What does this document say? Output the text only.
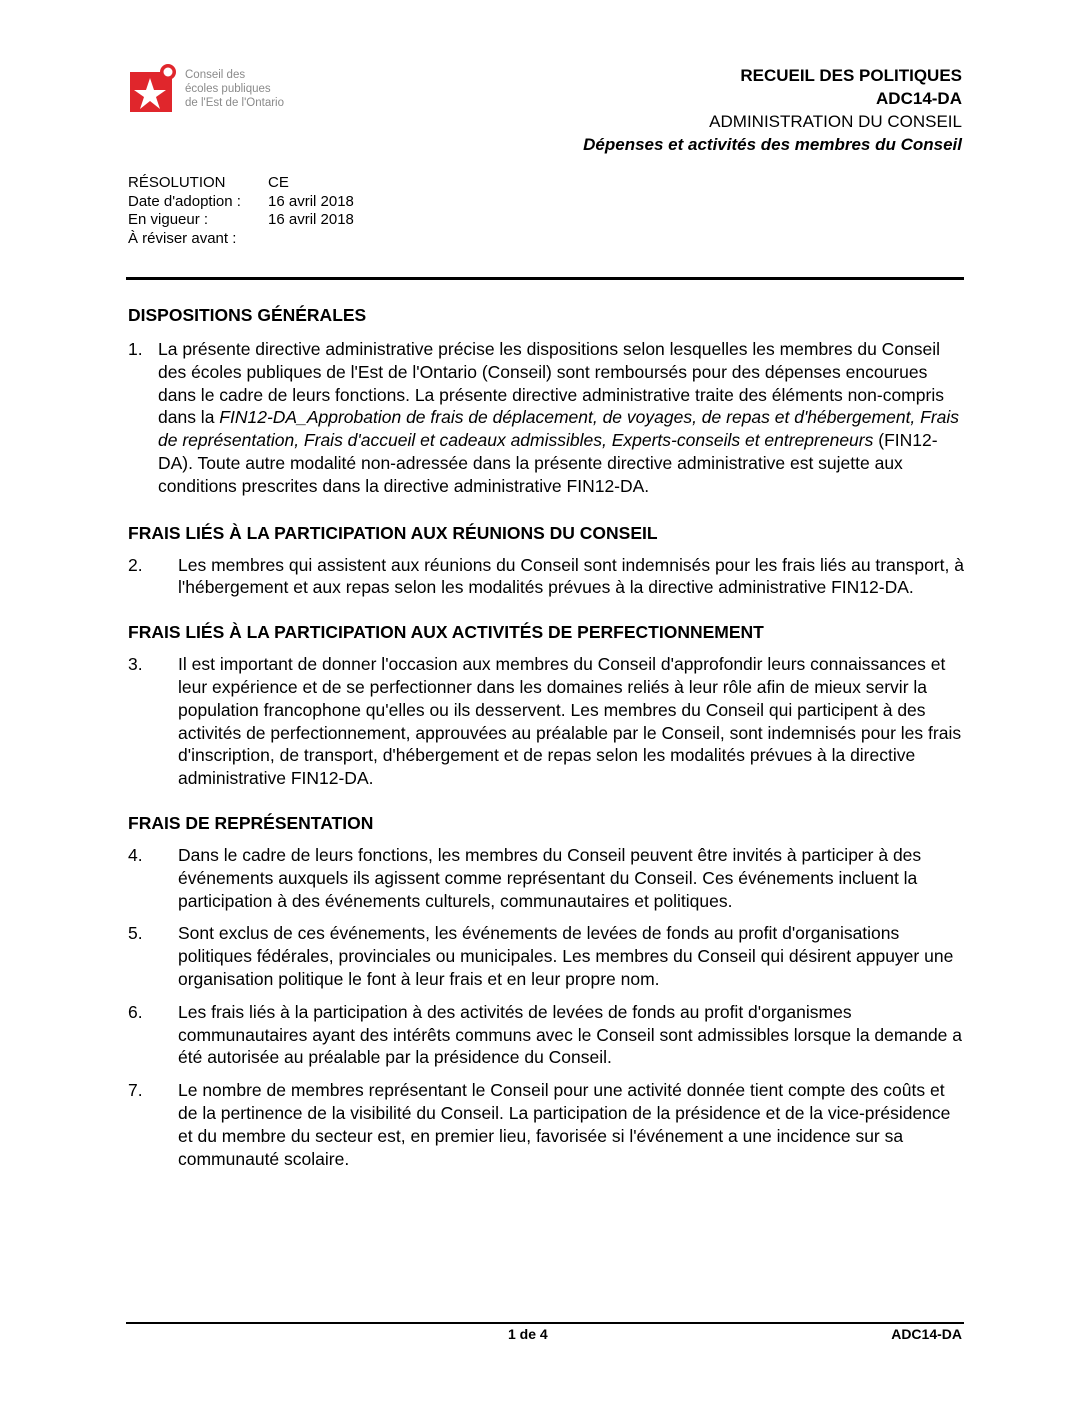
Conseil des
écoles publiques
de l'Est de l'Ontario
RECUEIL DES POLITIQUES
ADC14-DA
ADMINISTRATION DU CONSEIL
Dépenses et activités des membres du Conseil
RÉSOLUTION	CE
Date d'adoption :	16 avril 2018
En vigueur :	16 avril 2018
À réviser avant :
DISPOSITIONS GÉNÉRALES
1. La présente directive administrative précise les dispositions selon lesquelles les membres du Conseil des écoles publiques de l'Est de l'Ontario (Conseil) sont remboursés pour des dépenses encourues dans le cadre de leurs fonctions. La présente directive administrative traite des éléments non-compris dans la FIN12-DA_Approbation de frais de déplacement, de voyages, de repas et d'hébergement, Frais de représentation, Frais d'accueil et cadeaux admissibles, Experts-conseils et entrepreneurs (FIN12-DA). Toute autre modalité non-adressée dans la présente directive administrative est sujette aux conditions prescrites dans la directive administrative FIN12-DA.
FRAIS LIÉS À LA PARTICIPATION AUX RÉUNIONS DU CONSEIL
2.	Les membres qui assistent aux réunions du Conseil sont indemnisés pour les frais liés au transport, à l'hébergement et aux repas selon les modalités prévues à la directive administrative FIN12-DA.
FRAIS LIÉS À LA PARTICIPATION AUX ACTIVITÉS DE PERFECTIONNEMENT
3.	Il est important de donner l'occasion aux membres du Conseil d'approfondir leurs connaissances et leur expérience et de se perfectionner dans les domaines reliés à leur rôle afin de mieux servir la population francophone qu'elles ou ils desservent. Les membres du Conseil qui participent à des activités de perfectionnement, approuvées au préalable par le Conseil, sont indemnisés pour les frais d'inscription, de transport, d'hébergement et de repas selon les modalités prévues à la directive administrative FIN12-DA.
FRAIS DE REPRÉSENTATION
4.	Dans le cadre de leurs fonctions, les membres du Conseil peuvent être invités à participer à des événements auxquels ils agissent comme représentant du Conseil. Ces événements incluent la participation à des événements culturels, communautaires et politiques.
5.	Sont exclus de ces événements, les événements de levées de fonds au profit d'organisations politiques fédérales, provinciales ou municipales. Les membres du Conseil qui désirent appuyer une organisation politique le font à leur frais et en leur propre nom.
6.	Les frais liés à la participation à des activités de levées de fonds au profit d'organismes communautaires ayant des intérêts communs avec le Conseil sont admissibles lorsque la demande a été autorisée au préalable par la présidence du Conseil.
7.	Le nombre de membres représentant le Conseil pour une activité donnée tient compte des coûts et de la pertinence de la visibilité du Conseil. La participation de la présidence et de la vice-présidence et du membre du secteur est, en premier lieu, favorisée si l'événement a une incidence sur sa communauté scolaire.
1 de 4	ADC14-DA
